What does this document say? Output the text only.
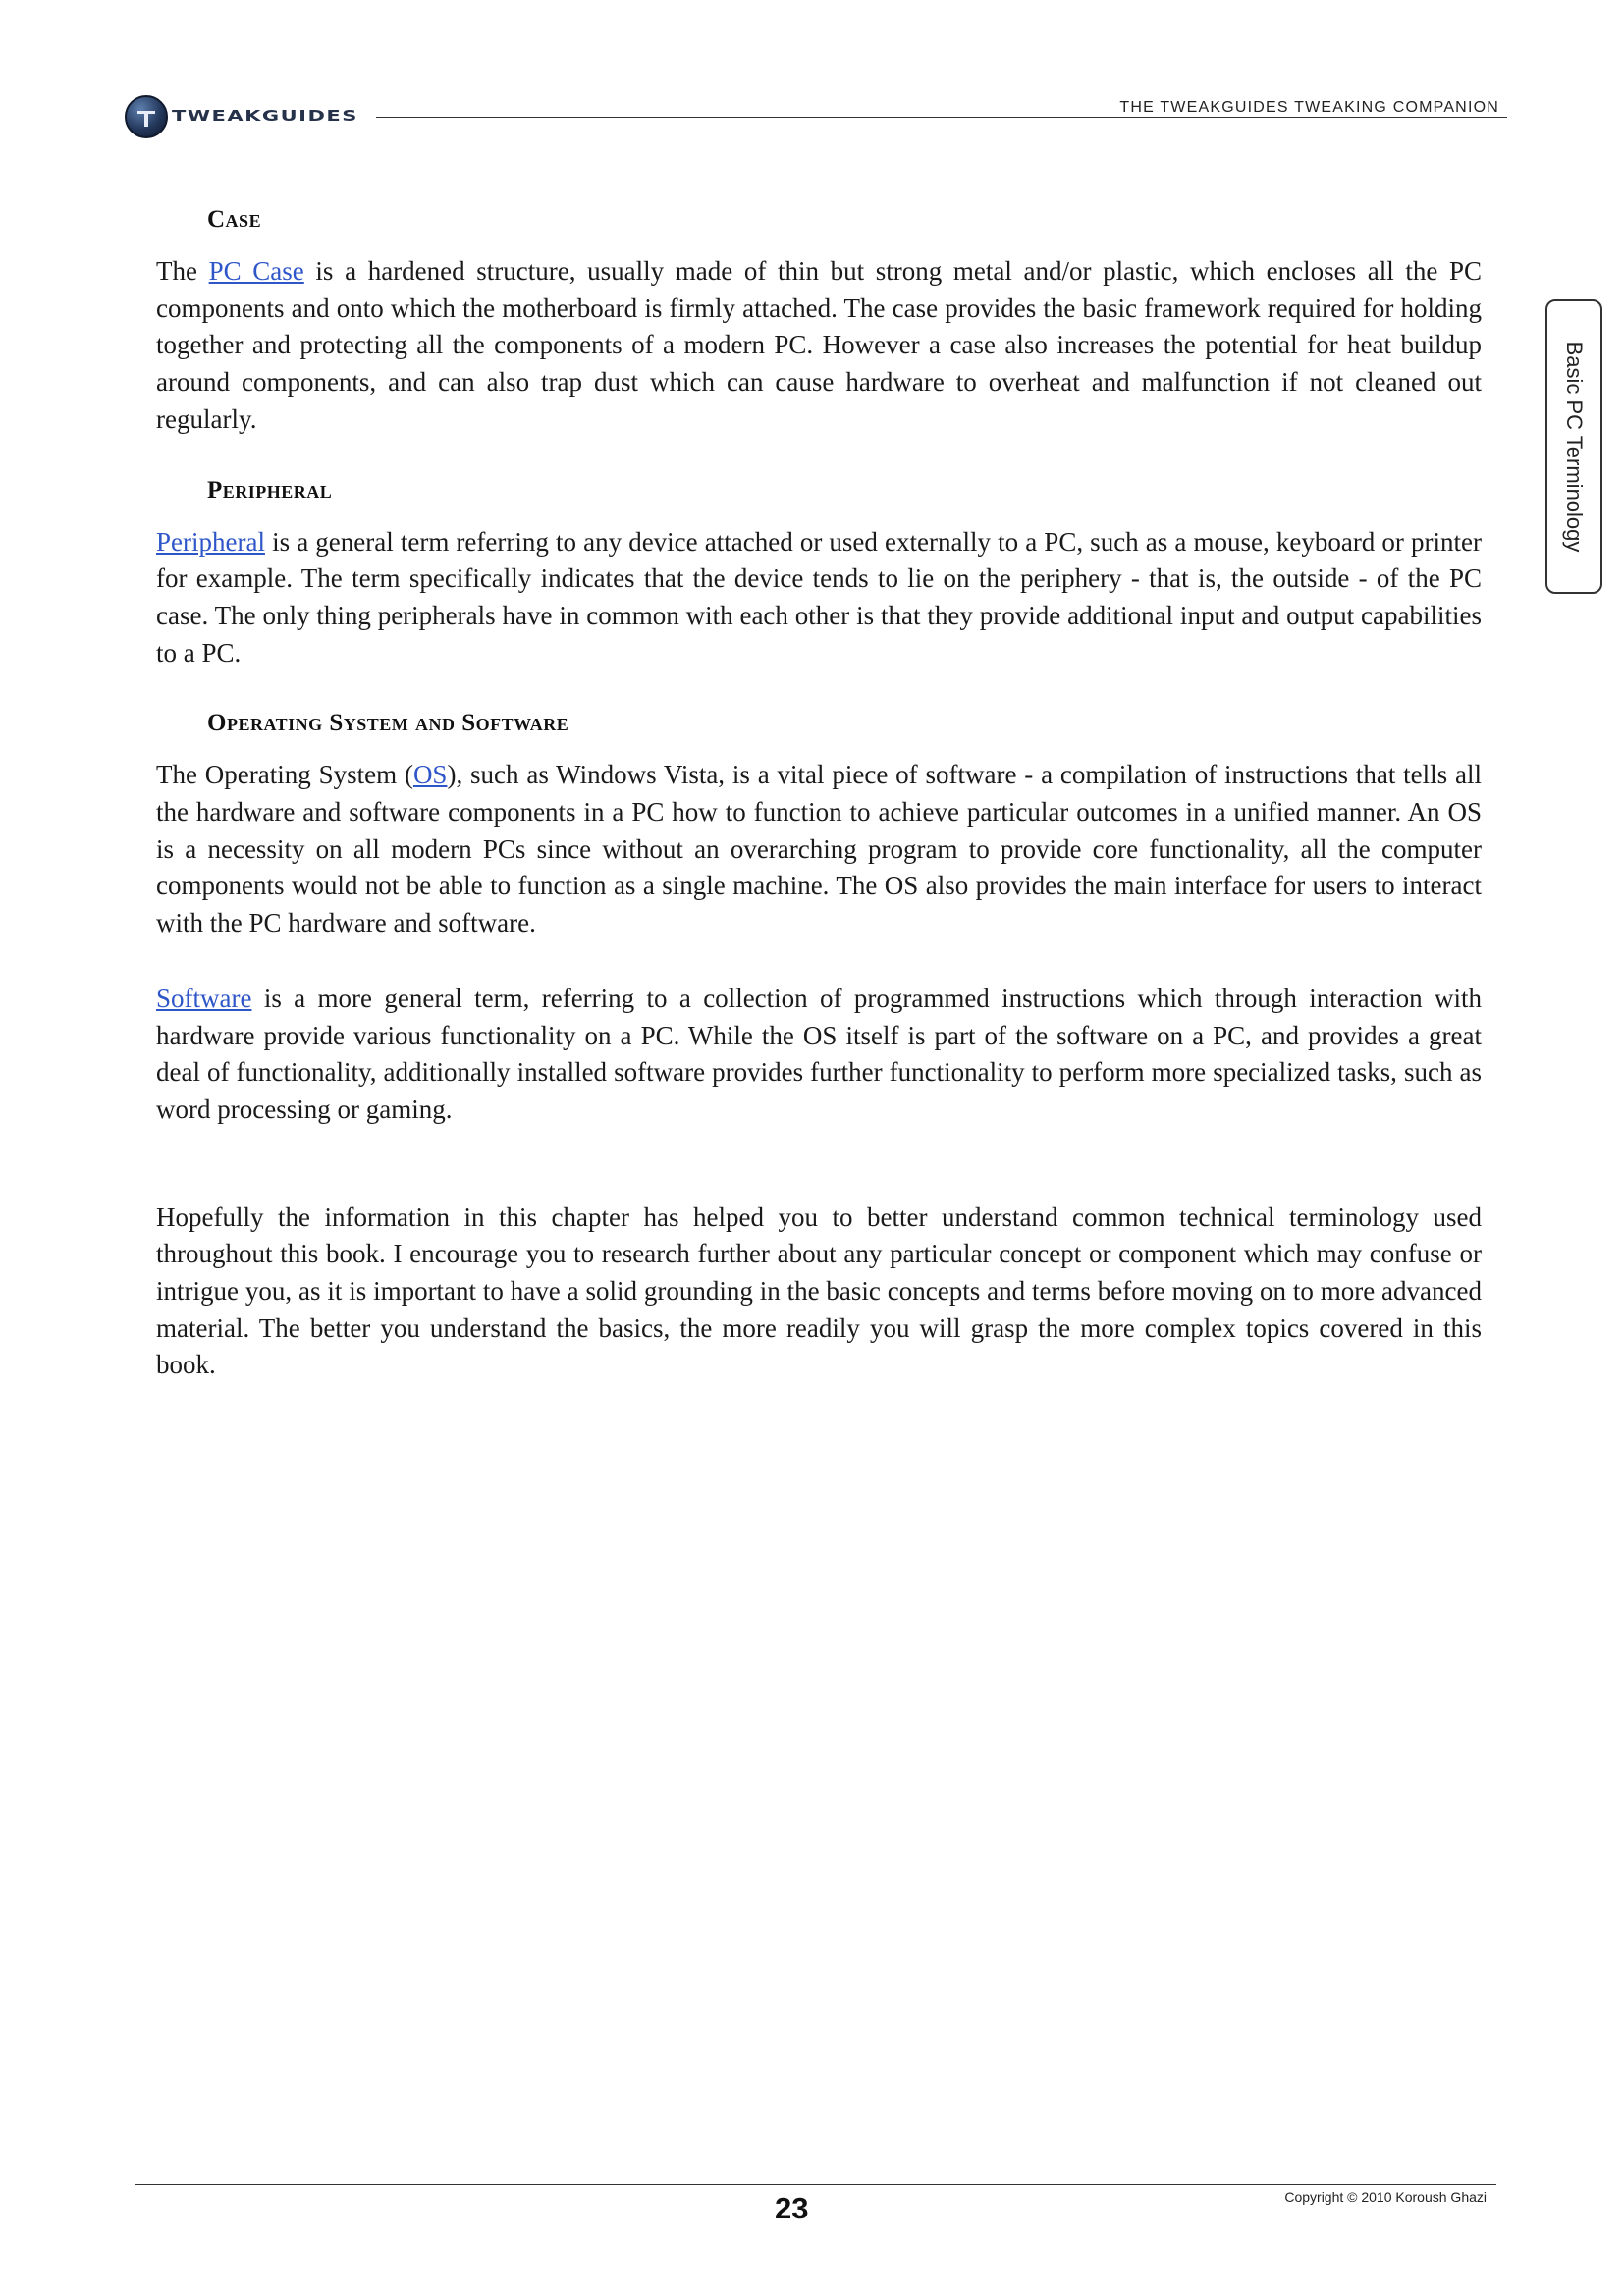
TWEAKGUIDES	THE TWEAKGUIDES TWEAKING COMPANION
Basic PC Terminology
Case

The PC Case is a hardened structure, usually made of thin but strong metal and/or plastic, which encloses all the PC components and onto which the motherboard is firmly attached. The case provides the basic framework required for holding together and protecting all the components of a modern PC. However a case also increases the potential for heat buildup around components, and can also trap dust which can cause hardware to overheat and malfunction if not cleaned out regularly.

Peripheral

Peripheral is a general term referring to any device attached or used externally to a PC, such as a mouse, keyboard or printer for example. The term specifically indicates that the device tends to lie on the periphery - that is, the outside - of the PC case. The only thing peripherals have in common with each other is that they provide additional input and output capabilities to a PC.

Operating System and Software

The Operating System (OS), such as Windows Vista, is a vital piece of software - a compilation of instructions that tells all the hardware and software components in a PC how to function to achieve particular outcomes in a unified manner. An OS is a necessity on all modern PCs since without an overarching program to provide core functionality, all the computer components would not be able to function as a single machine. The OS also provides the main interface for users to interact with the PC hardware and software.

Software is a more general term, referring to a collection of programmed instructions which through interaction with hardware provide various functionality on a PC. While the OS itself is part of the software on a PC, and provides a great deal of functionality, additionally installed software provides further functionality to perform more specialized tasks, such as word processing or gaming.

Hopefully the information in this chapter has helped you to better understand common technical terminology used throughout this book. I encourage you to research further about any particular concept or component which may confuse or intrigue you, as it is important to have a solid grounding in the basic concepts and terms before moving on to more advanced material. The better you understand the basics, the more readily you will grasp the more complex topics covered in this book.

23	Copyright © 2010 Koroush Ghazi
